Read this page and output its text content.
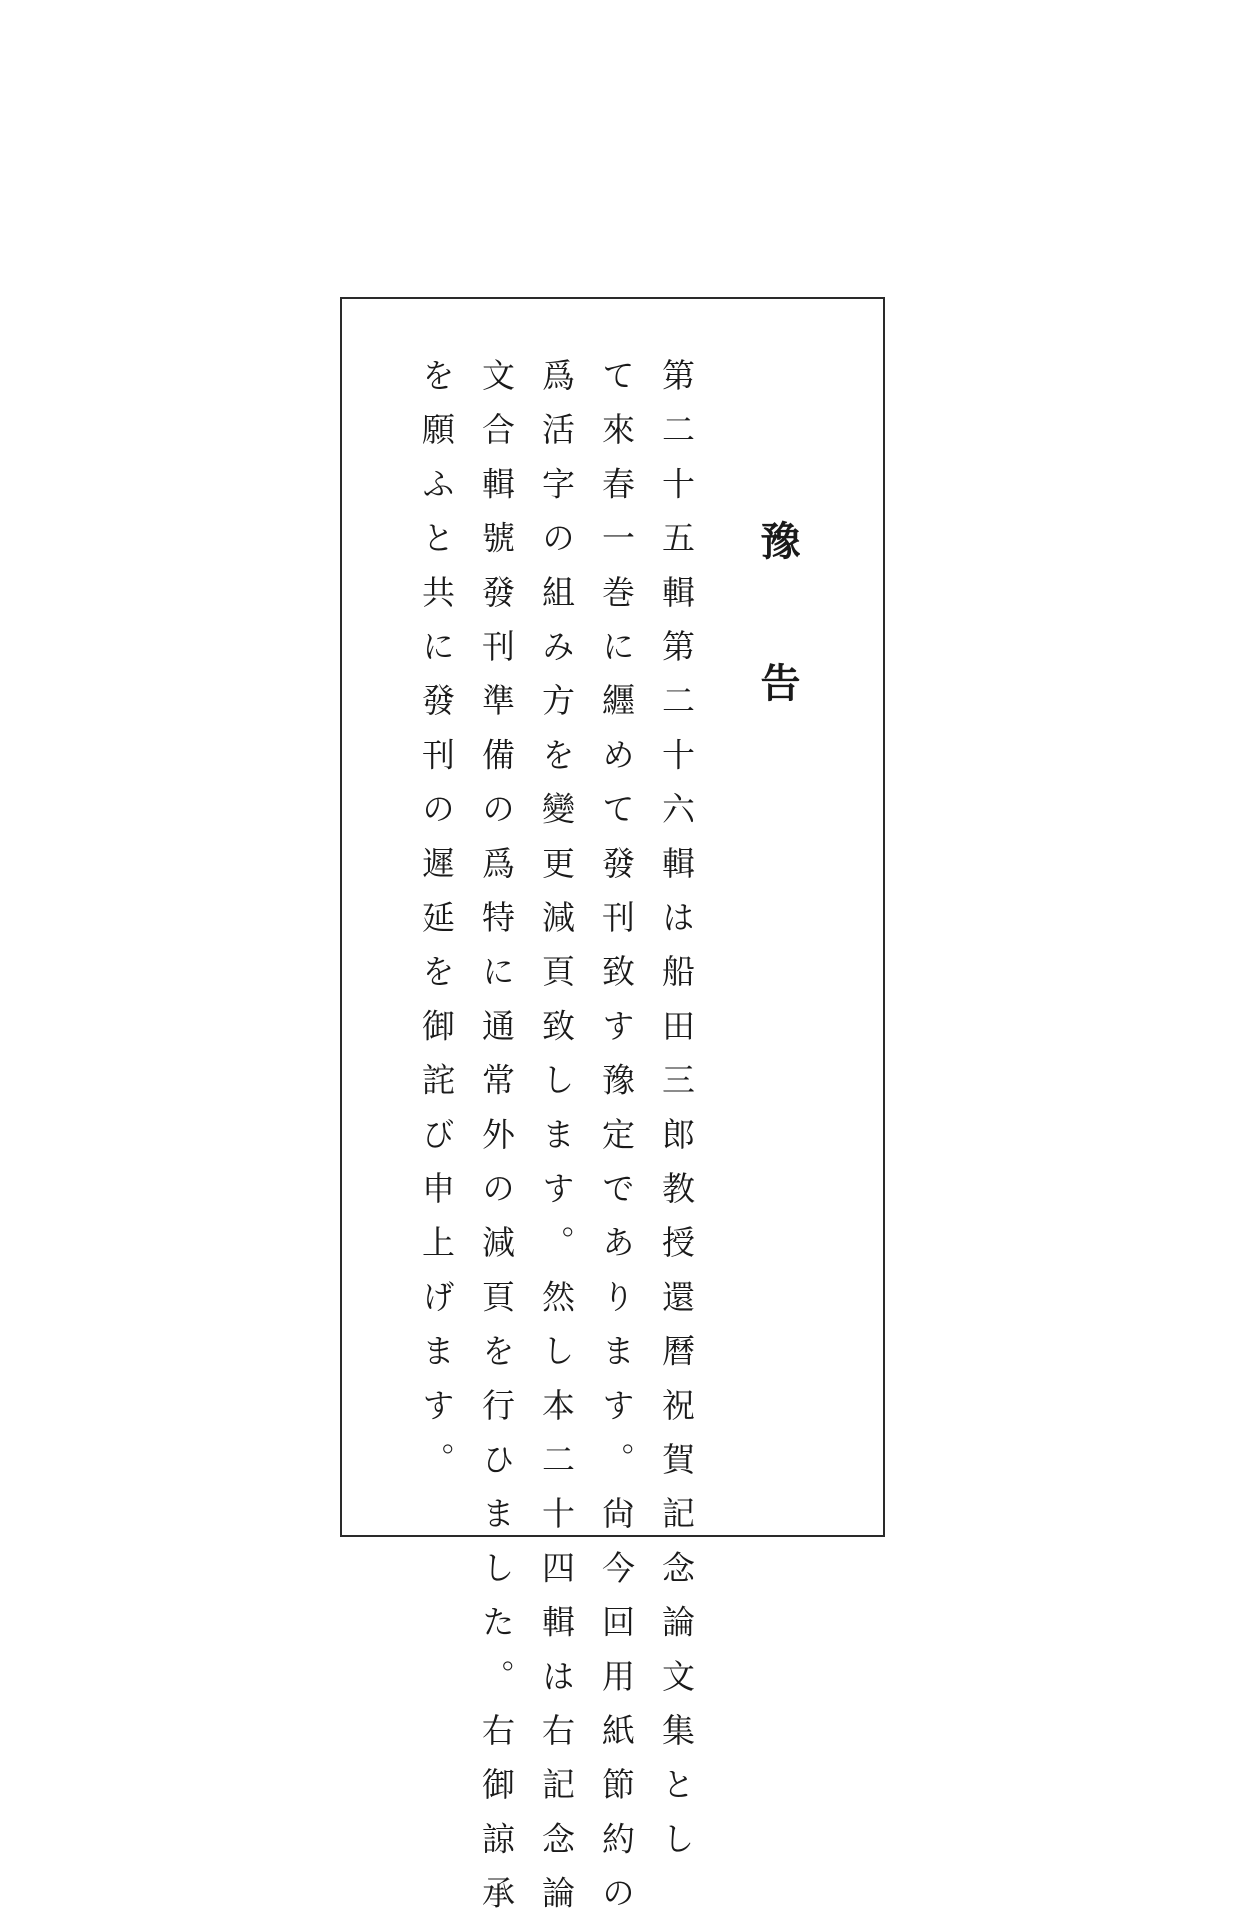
豫告
第二十五輯第二十六輯は船田三郎教授還曆祝賀記念論文集とし
て來春一巻に纒めて發刊致す豫定であります。尙今回用紙節約の
爲活字の組み方を變更減頁致します。然し本二十四輯は右記念論
文合輯號發刊準備の爲特に通常外の減頁を行ひました。右御諒承
を願ふと共に發刊の遲延を御詫び申上げます。
